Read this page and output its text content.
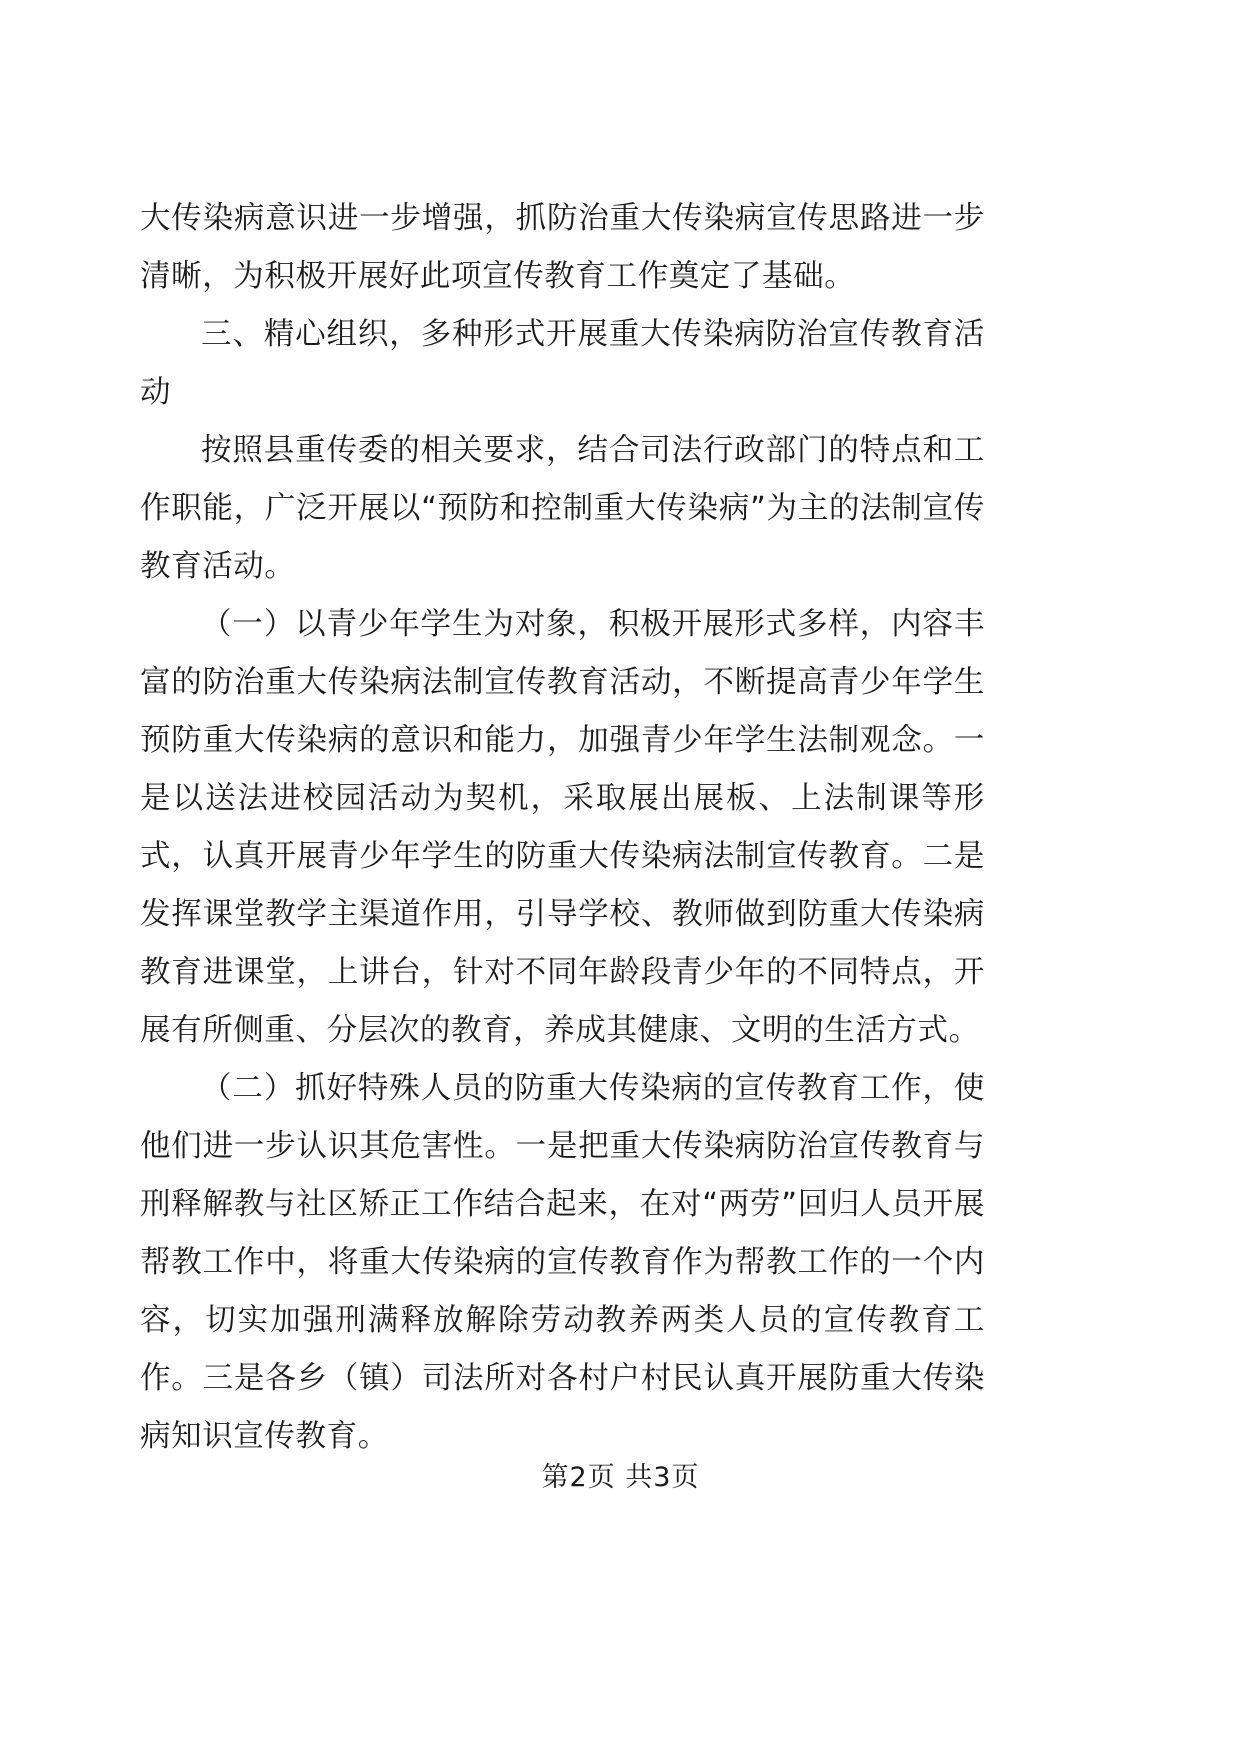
大传染病意识进一步增强，抓防治重大传染病宣传思路进一步清晰，为积极开展好此项宣传教育工作奠定了基础。

三、精心组织，多种形式开展重大传染病防治宣传教育活动

按照县重传委的相关要求，结合司法行政部门的特点和工作职能，广泛开展以“预防和控制重大传染病”为主的法制宣传教育活动。

（一）以青少年学生为对象，积极开展形式多样，内容丰富的防治重大传染病法制宣传教育活动，不断提高青少年学生预防重大传染病的意识和能力，加强青少年学生法制观念。一是以送法进校园活动为契机，采取展出展板、上法制课等形式，认真开展青少年学生的防重大传染病法制宣传教育。二是发挥课堂教学主渠道作用，引导学校、教师做到防重大传染病教育进课堂，上讲台，针对不同年龄段青少年的不同特点，开展有所侧重、分层次的教育，养成其健康、文明的生活方式。

（二）抓好特殊人员的防重大传染病的宣传教育工作，使他们进一步认识其危害性。一是把重大传染病防治宣传教育与刑释解教与社区矫正工作结合起来，在对“两劳”回归人员开展帮教工作中，将重大传染病的宣传教育作为帮教工作的一个内容，切实加强刑满释放解除劳动教养两类人员的宣传教育工作。三是各乡（镇）司法所对各村户村民认真开展防重大传染病知识宣传教育。

第2页 共3页
